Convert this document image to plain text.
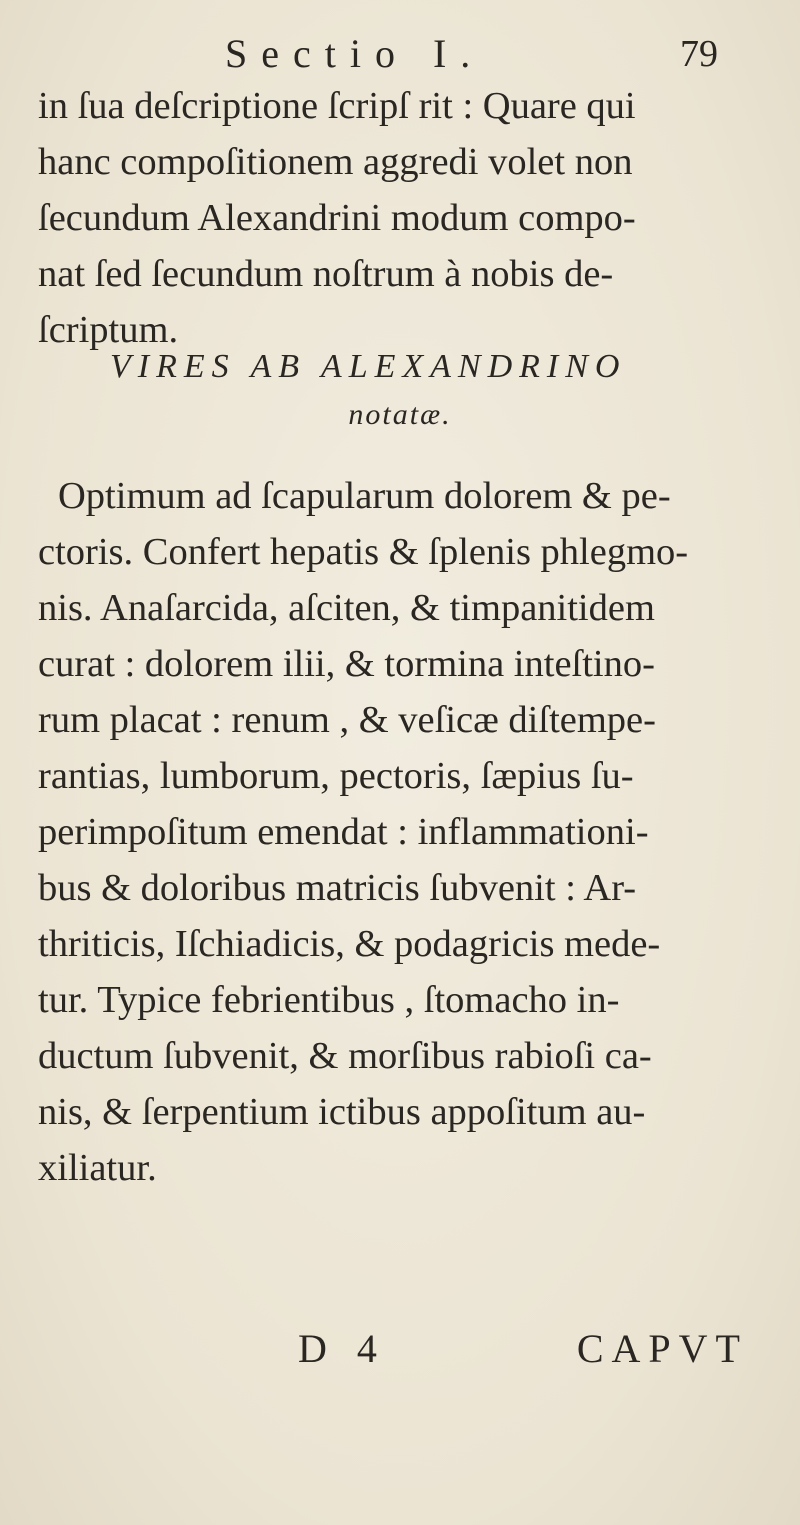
Sectio I.	79
in ſua deſcriptione ſcripſ rit : Quare qui
hanc compoſitionem aggredi volet non
ſecundum Alexandrini modum compo-
nat ſed ſecundum noſtrum à nobis de-
ſcriptum.
VIRES AB ALEXANDRINO
notatæ.
Optimum ad ſcapularum dolorem & pe-
ctoris. Confert hepatis & ſplenis phlegmo-
nis. Anaſarcida, aſciten, & timpanitidem
curat : dolorem ilii, & tormina inteſtino-
rum placat : renum , & veſicæ diſtempe-
rantias, lumborum, pectoris, ſæpius ſu-
perimpoſitum emendat : inflammationi-
bus & doloribus matricis ſubvenit : Ar-
thriticis, Iſchiadicis, & podagricis mede-
tur. Typice febrientibus , ſtomacho in-
ductum ſubvenit, & morſibus rabioſi ca-
nis, & ſerpentium ictibus appoſitum au-
xiliatur.
D 4	CAPVT
